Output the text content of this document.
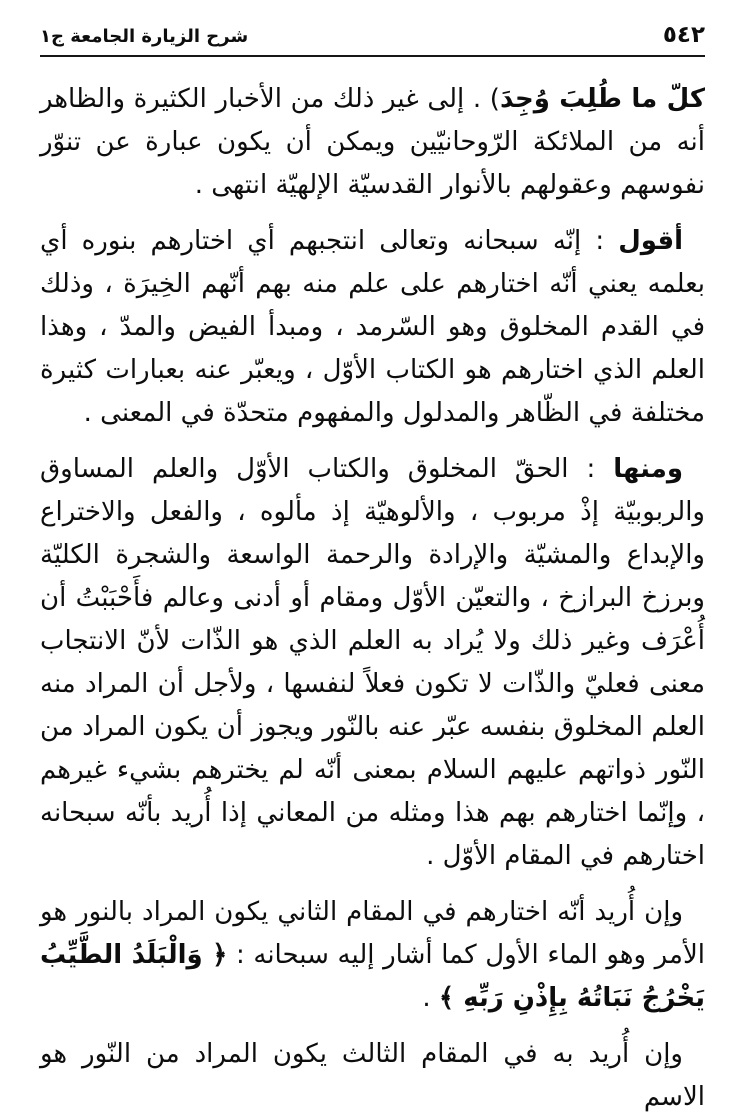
٥٤٢
شرح الزيارة الجامعة ج١

كلّ ما طُلِبَ وُجِدَ) . إلى غير ذلك من الأخبار الكثيرة والظاهر أنه من الملائكة الرّوحانيّين ويمكن أن يكون عبارة عن تنوّر نفوسهم وعقولهم بالأنوار القدسيّة الإلهيّة انتهى .

أقول : إنّه سبحانه وتعالى انتجبهم أي اختارهم بنوره أي بعلمه يعني أنّه اختارهم على علم منه بهم أنّهم الخِيرَة ، وذلك في القدم المخلوق وهو السّرمد ، ومبدأ الفيض والمدّ ، وهذا العلم الذي اختارهم هو الكتاب الأوّل ، ويعبّر عنه بعبارات كثيرة مختلفة في الظّاهر والمدلول والمفهوم متحدّة في المعنى .

ومنها : الحقّ المخلوق والكتاب الأوّل والعلم المساوق والربوبيّة إذْ مربوب ، والألوهيّة إذ مألوه ، والفعل والاختراع والإبداع والمشيّة والإرادة والرحمة الواسعة والشجرة الكليّة وبرزخ البرازخ ، والتعيّن الأوّل ومقام أو أدنى وعالم فأَحْبَبْتُ أن أُعْرَف وغير ذلك ولا يُراد به العلم الذي هو الذّات لأنّ الانتجاب معنى فعليّ والذّات لا تكون فعلاً لنفسها ، ولأجل أن المراد منه العلم المخلوق بنفسه عبّر عنه بالنّور ويجوز أن يكون المراد من النّور ذواتهم عليهم السلام بمعنى أنّه لم يخترهم بشيء غيرهم ، وإنّما اختارهم بهم هذا ومثله من المعاني إذا أُريد بأنّه سبحانه اختارهم في المقام الأوّل .

وإن أُريد أنّه اختارهم في المقام الثاني يكون المراد بالنور هو الأمر وهو الماء الأول كما أشار إليه سبحانه : ﴿ وَالْبَلَدُ الطَّيِّبُ يَخْرُجُ نَبَاتُهُ بِإِذْنِ رَبِّهِ ﴾ .

وإن أُريد به في المقام الثالث يكون المراد من النّور هو الاسم
